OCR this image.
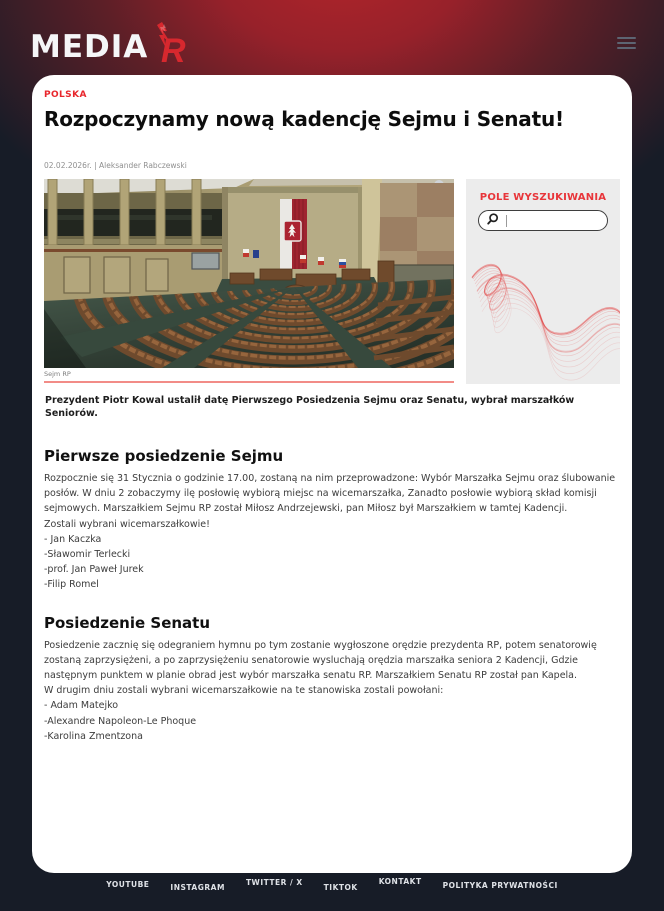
MEDIA R
POLSKA
Rozpoczynamy nową kadencję Sejmu i Senatu!
02.02.2026r. | Aleksander Rabczewski
Sejm RP
POLE WYSZUKIWANIA

Prezydent Piotr Kowal ustalił datę Pierwszego Posiedzenia Sejmu oraz Senatu, wybrał marszałków Seniorów.

Pierwsze posiedzenie Sejmu
Rozpocznie się 31 Stycznia o godzinie 17.00, zostaną na nim przeprowadzone: Wybór Marszałka Sejmu oraz ślubowanie posłów. W dniu 2 zobaczymy ilę posłowię wybiorą miejsc na wicemarszałka, Zanadto posłowie wybiorą skład komisji sejmowych. Marszałkiem Sejmu RP został Miłosz Andrzejewski, pan Miłosz był Marszałkiem w tamtej Kadencji.
Zostali wybrani wicemarszałkowie!
- Jan Kaczka
-Sławomir Terlecki
-prof. Jan Paweł Jurek
-Filip Romel
Posiedzenie Senatu
Posiedzenie zacznię się odegraniem hymnu po tym zostanie wygłoszone orędzie prezydenta RP, potem senatorowię zostaną zaprzysiężeni, a po zaprzysiężeniu senatorowie wysluchają orędzia marszałka seniora 2 Kadencji, Gdzie następnym punktem w planie obrad jest wybór marszałka senatu RP. Marszałkiem Senatu RP został pan Kapela.
W drugim dniu zostali wybrani wicemarszałkowie na te stanowiska zostali powołani:
- Adam Matejko
-Alexandre Napoleon-Le Phoque
-Karolina Zmentzona
YOUTUBE	INSTAGRAM
TWITTER / X
TIKTOK
KONTAKT	POLITYKA PRYWATNOŚCI
